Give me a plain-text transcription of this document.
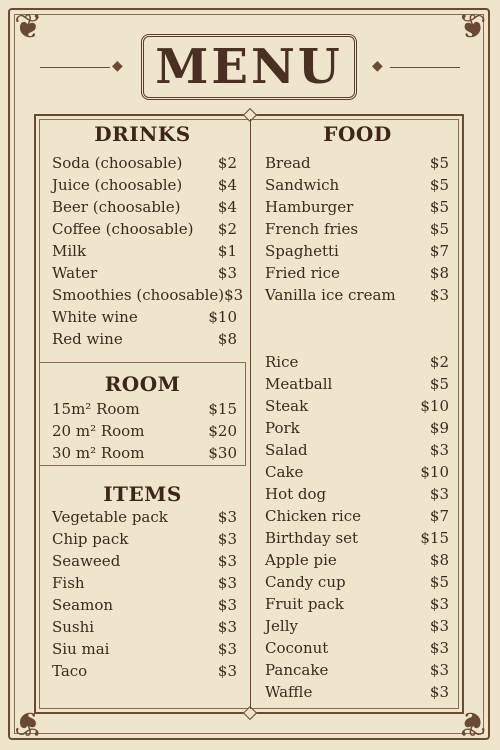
❦	❦
❦	❦
◆	◆
MENU
DRINKS
Soda (choosable)	$2
Juice (choosable)	$4
Beer (choosable)	$4
Coffee (choosable)	$2
Milk	$1
Water	$3
Smoothies (choosable) $3
White wine	$10
Red wine	$8
ROOM
15m² Room	$15
20 m² Room	$20
30 m² Room	$30
ITEMS
Vegetable pack	$3
Chip pack	$3
Seaweed	$3
Fish	$3
Seamon	$3
Sushi	$3
Siu mai	$3
Taco	$3
FOOD
Bread	$5
Sandwich	$5
Hamburger	$5
French fries	$5
Spaghetti	$7
Fried rice	$8
Vanilla ice cream	$3
Rice	$2
Meatball	$5
Steak	$10
Pork	$9
Salad	$3
Cake	$10
Hot dog	$3
Chicken rice	$7
Birthday set	$15
Apple pie	$8
Candy cup	$5
Fruit pack	$3
Jelly	$3
Coconut	$3
Pancake	$3
Waffle	$3
